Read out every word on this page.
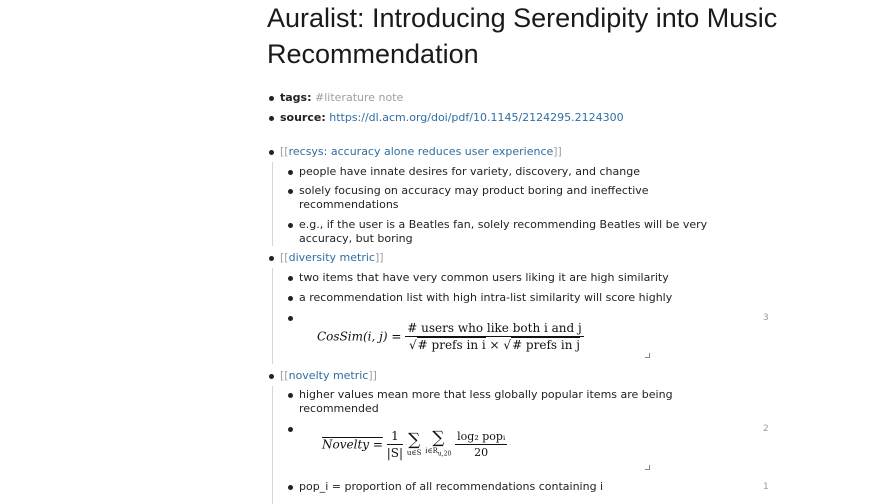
Auralist: Introducing Serendipity into Music Recommendation
tags: #literature note
source: https://dl.acm.org/doi/pdf/10.1145/2124295.2124300
[[recsys: accuracy alone reduces user experience]]
people have innate desires for variety, discovery, and change
solely focusing on accuracy may product boring and ineffective
recommendations
e.g., if the user is a Beatles fan, solely recommending Beatles will be very
accuracy, but boring
[[diversity metric]]
two items that have very common users liking it are high similarity
a recommendation list with high intra-list similarity will score highly
3
CosSim(i, $j) = \frac{\text{\# users who like both i and j}}{\text{√\# prefs in i × √\# prefs in j}}$
[[novelty metric]]
higher values mean more that less globally popular items are being
recommended
2
Novelty = $\frac{1}{|S|}$ ∑
u∈S
∑
$i\in R_{u,20}$
$\frac{\text{log₂ popᵢ}}{20}$
pop_i = proportion of all recommendations containing i	1
